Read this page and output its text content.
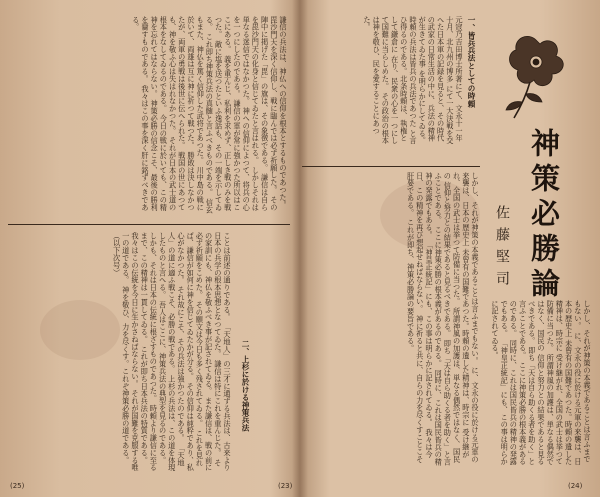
神策必勝論
佐藤堅司
一、皆兵兵法としての時頼
元寇乃吉田博士所著にて、文永十一年十月、北九州の博多 にて一大決戦を交へた日本軍の記録を見ると、その時代 の武家の日常生活の中に、兵法の精神が生きてゐた事 を明らかにしてゐる。時頼の兵法は皆兵の兵法であつた と言ひ得るのである。北条時頼は、執権として鎌倉に 在り、民衆の心を一つにして国難に当らしめた。 その政治の根本は神を敬ひ、民を愛することにあつた。
しかし、それが神策の本義であることは言ふまでもない。 に、文永の役に於ける元軍の来襲は、日本の歴史上 未曾有の国難であつた。時頼の遺した精神は、時宗に 受け継がれ、全国の武士は挙つて防備に当つた。 所謂神風の加護は、単なる偶然ではなく、国民の 信仰と努力との結果であると見るべきである。 即ち「天は自ら助くる者を助く」と言ふことである。 ここに神策必勝の根本義があるのである。 同時に、これは国民皆兵の精神の発露でもある。 「神皇正統記」にも、この事は明らかに記されてゐる。 我々は今日、この精神を再び想起せねばならない。 神に祈ると共に、自らの力を尽くすことこそ肝要である。 これが即ち、神策必勝論の要旨である。
しかし、それが神策の本義であることは言ふまでもない。 に、文永の役に於ける元軍の来襲は、日本の歴史上 未曾有の国難であつた。時頼の遺した精神は、時宗に 受け継がれ、全国の武士は挙つて防備に当つた。 所謂神風の加護は、単なる偶然ではなく、国民の 信仰と努力との結果であると見るべきである。 即ち「天は自ら助くる者を助く」と言ふことである。 ここに神策必勝の根本義があるのである。 同時に、これは国民皆兵の精神の発露でもある。 「神皇正統記」にも、この事は明らかに記されてゐる。
(24)
(23)
謙信の兵法は、神仏への信仰を根本とするものであつた。 毘沙門天を深く信仰し、戦に臨んでは必ず祈願した。 その陣中に掲げた「毘」の旗は、その象徴である。 謙信は自らを毘沙門天の化身と信じてゐたと言はれる。 しかしそれは単なる迷信ではなかつた。 神への信仰によつて、将兵の心を一つにしたのである。 謙信の軍が常に強かつた所以はここにある。 義を重んじ、私利を求めず、正しき戦のみを戦つた。 敵に塩を送つたといふ逸話も、その一端を示してゐる。 これ即ち神策兵法の真髄と言ふべきものである。 信玄もまた、神仏を篤く信仰した武将であつた。 川中島の戦に於いて、両雄は互に神に祈つて戦つた。 勝敗は決しなかつたが、両軍の勇戦は後世に伝へられた。 戦国の世にあつても、神を敬ふ心は失はれなかつた。 それが日本の武士道の根本をなしてゐるのである。 今日の戦に於いても、この精神を忘れてはならない。 神策必勝の信念こそ、最後の勝利を齎すものである。 我々はこの事を深く肝に銘ずべきである。
二、上杉に於ける神策兵法
ことは前述の通りである。 「天地人」の三才に通ずる兵法は、古来より 日本の兵学の根本思想となつてゐた。 謙信は特にこれを重んじた。 その家訓にも、神仏を敬ふべき事が記されてゐる。 また謙信は、戦の前に必ず祈願をこめた。 その願文は今日も多く残されてゐる。 これを見れば、謙信が如何に神を信じてゐたかが分る。 その信仰は純粋であり、私心がなかつた。 それ故にこそ、その兵法は強かつたのである。 「天地人」の道に適ふ戦こそ、必勝の戦である。 上杉の兵法は、この道を体現したものと言へる。 吾人はここに、神策兵法の典型を見るのである。 しかも、それは日本の伝統に根ざすものであつた。 時頼より謙信に至るまで、この精神は一貫してゐる。 これが即ち日本兵法の特質である。 我々はこの伝統を今日に生かさねばならない。 それが国難を克服する唯一の道である。 神を敬ひ、力を尽くす。これぞ神策必勝の道である。 （以下次号）
(25)
